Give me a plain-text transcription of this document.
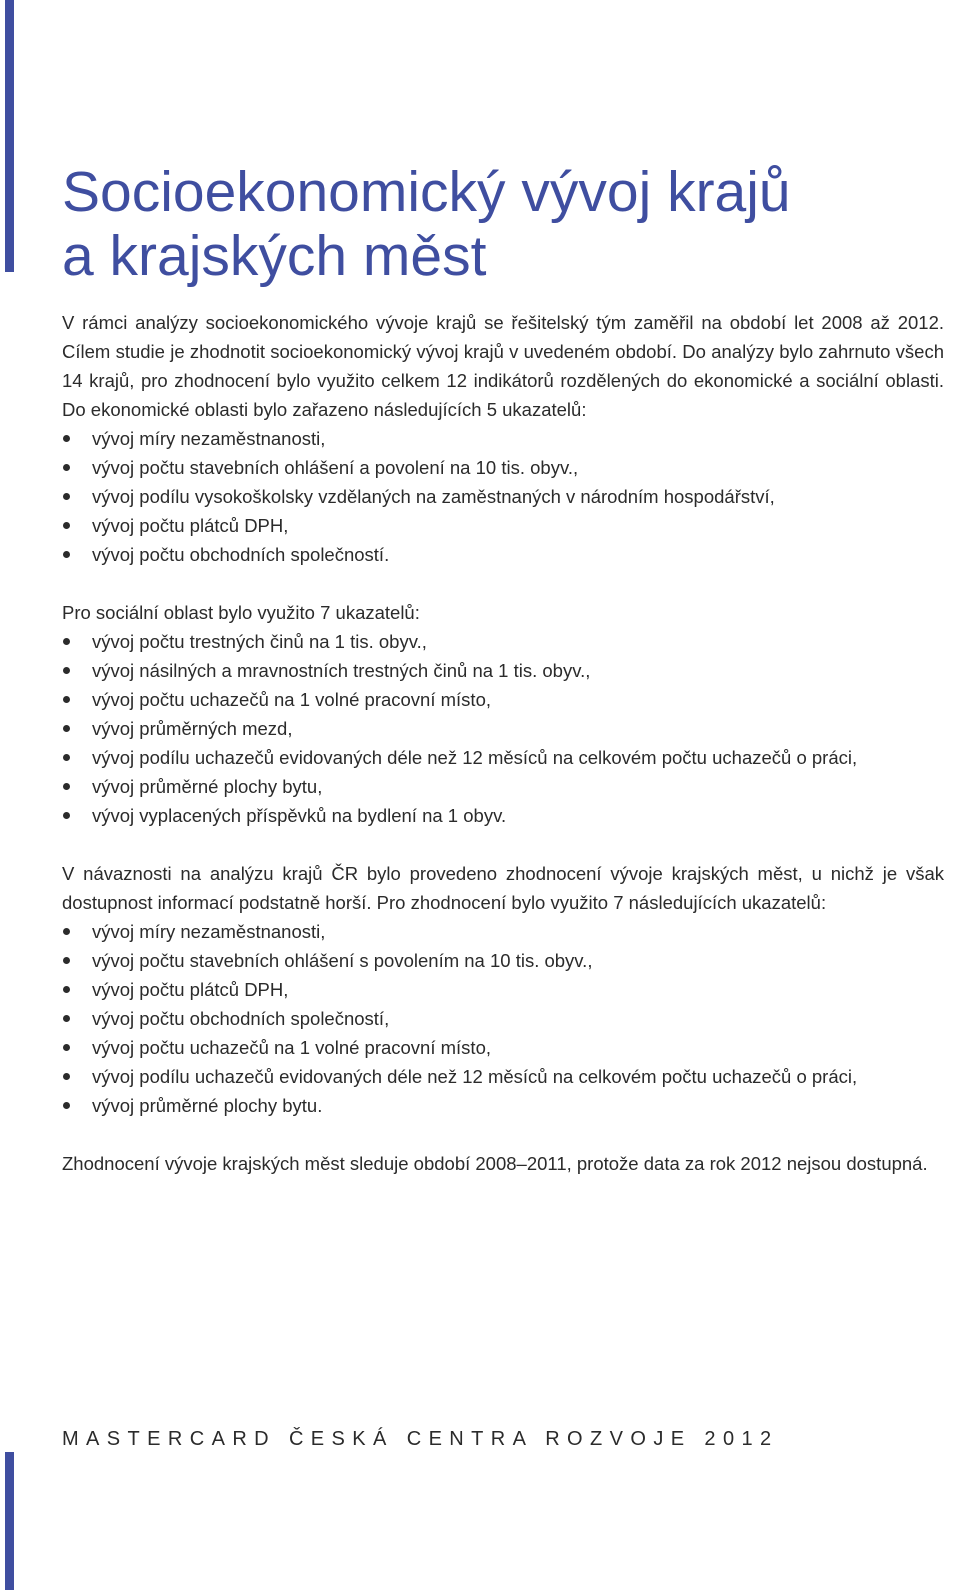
Socioekonomický vývoj krajů
a krajských měst

V rámci analýzy socioekonomického vývoje krajů se řešitelský tým zaměřil na období let 2008 až 2012. Cílem studie je zhodnotit socioekonomický vývoj krajů v uvedeném období. Do analýzy bylo zahrnuto všech 14 krajů, pro zhodnocení bylo využito celkem 12 indikátorů rozdělených do ekonomické a sociální oblasti. Do ekonomické oblasti bylo zařazeno následujících 5 ukazatelů:

vývoj míry nezaměstnanosti,
vývoj počtu stavebních ohlášení a povolení na 10 tis. obyv.,
vývoj podílu vysokoškolsky vzdělaných na zaměstnaných v národním hospodářství,
vývoj počtu plátců DPH,
vývoj počtu obchodních společností.

Pro sociální oblast bylo využito 7 ukazatelů:

vývoj počtu trestných činů na 1 tis. obyv.,
vývoj násilných a mravnostních trestných činů na 1 tis. obyv.,
vývoj počtu uchazečů na 1 volné pracovní místo,
vývoj průměrných mezd,
vývoj podílu uchazečů evidovaných déle než 12 měsíců na celkovém počtu uchazečů o práci,
vývoj průměrné plochy bytu,
vývoj vyplacených příspěvků na bydlení na 1 obyv.

V návaznosti na analýzu krajů ČR bylo provedeno zhodnocení vývoje krajských měst, u nichž je však dostupnost informací podstatně horší. Pro zhodnocení bylo využito 7 následujících ukazatelů:

vývoj míry nezaměstnanosti,
vývoj počtu stavebních ohlášení s povolením na 10 tis. obyv.,
vývoj počtu plátců DPH,
vývoj počtu obchodních společností,
vývoj počtu uchazečů na 1 volné pracovní místo,
vývoj podílu uchazečů evidovaných déle než 12 měsíců na celkovém počtu uchazečů o práci,
vývoj průměrné plochy bytu.

Zhodnocení vývoje krajských měst sleduje období 2008–2011, protože data za rok 2012 nejsou dostupná.

MASTERCARD ČESKÁ CENTRA ROZVOJE 2012
